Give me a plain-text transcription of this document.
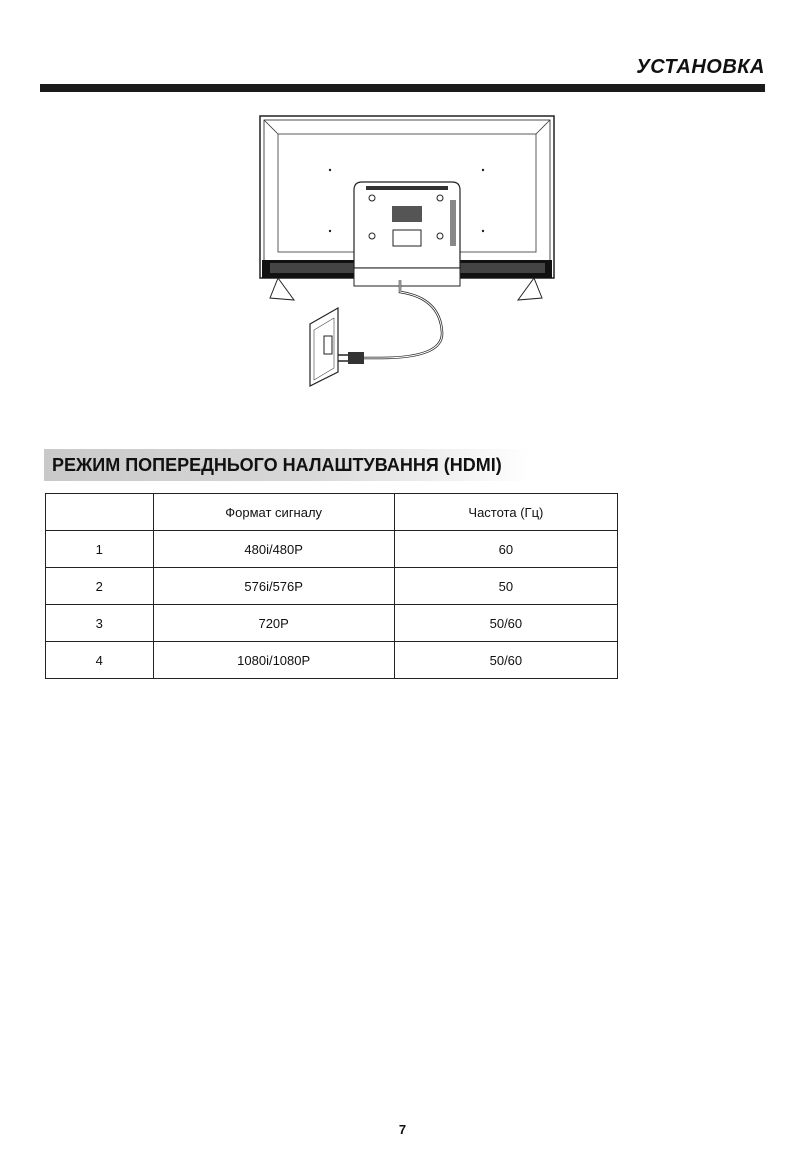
УСТАНОВКА
РЕЖИМ ПОПЕРЕДНЬОГО НАЛАШТУВАННЯ (HDMI)
	Формат сигналу	Частота (Гц)
1	480i/480P	60
2	576i/576P	50
3	720P	50/60
4	1080i/1080P	50/60
7
